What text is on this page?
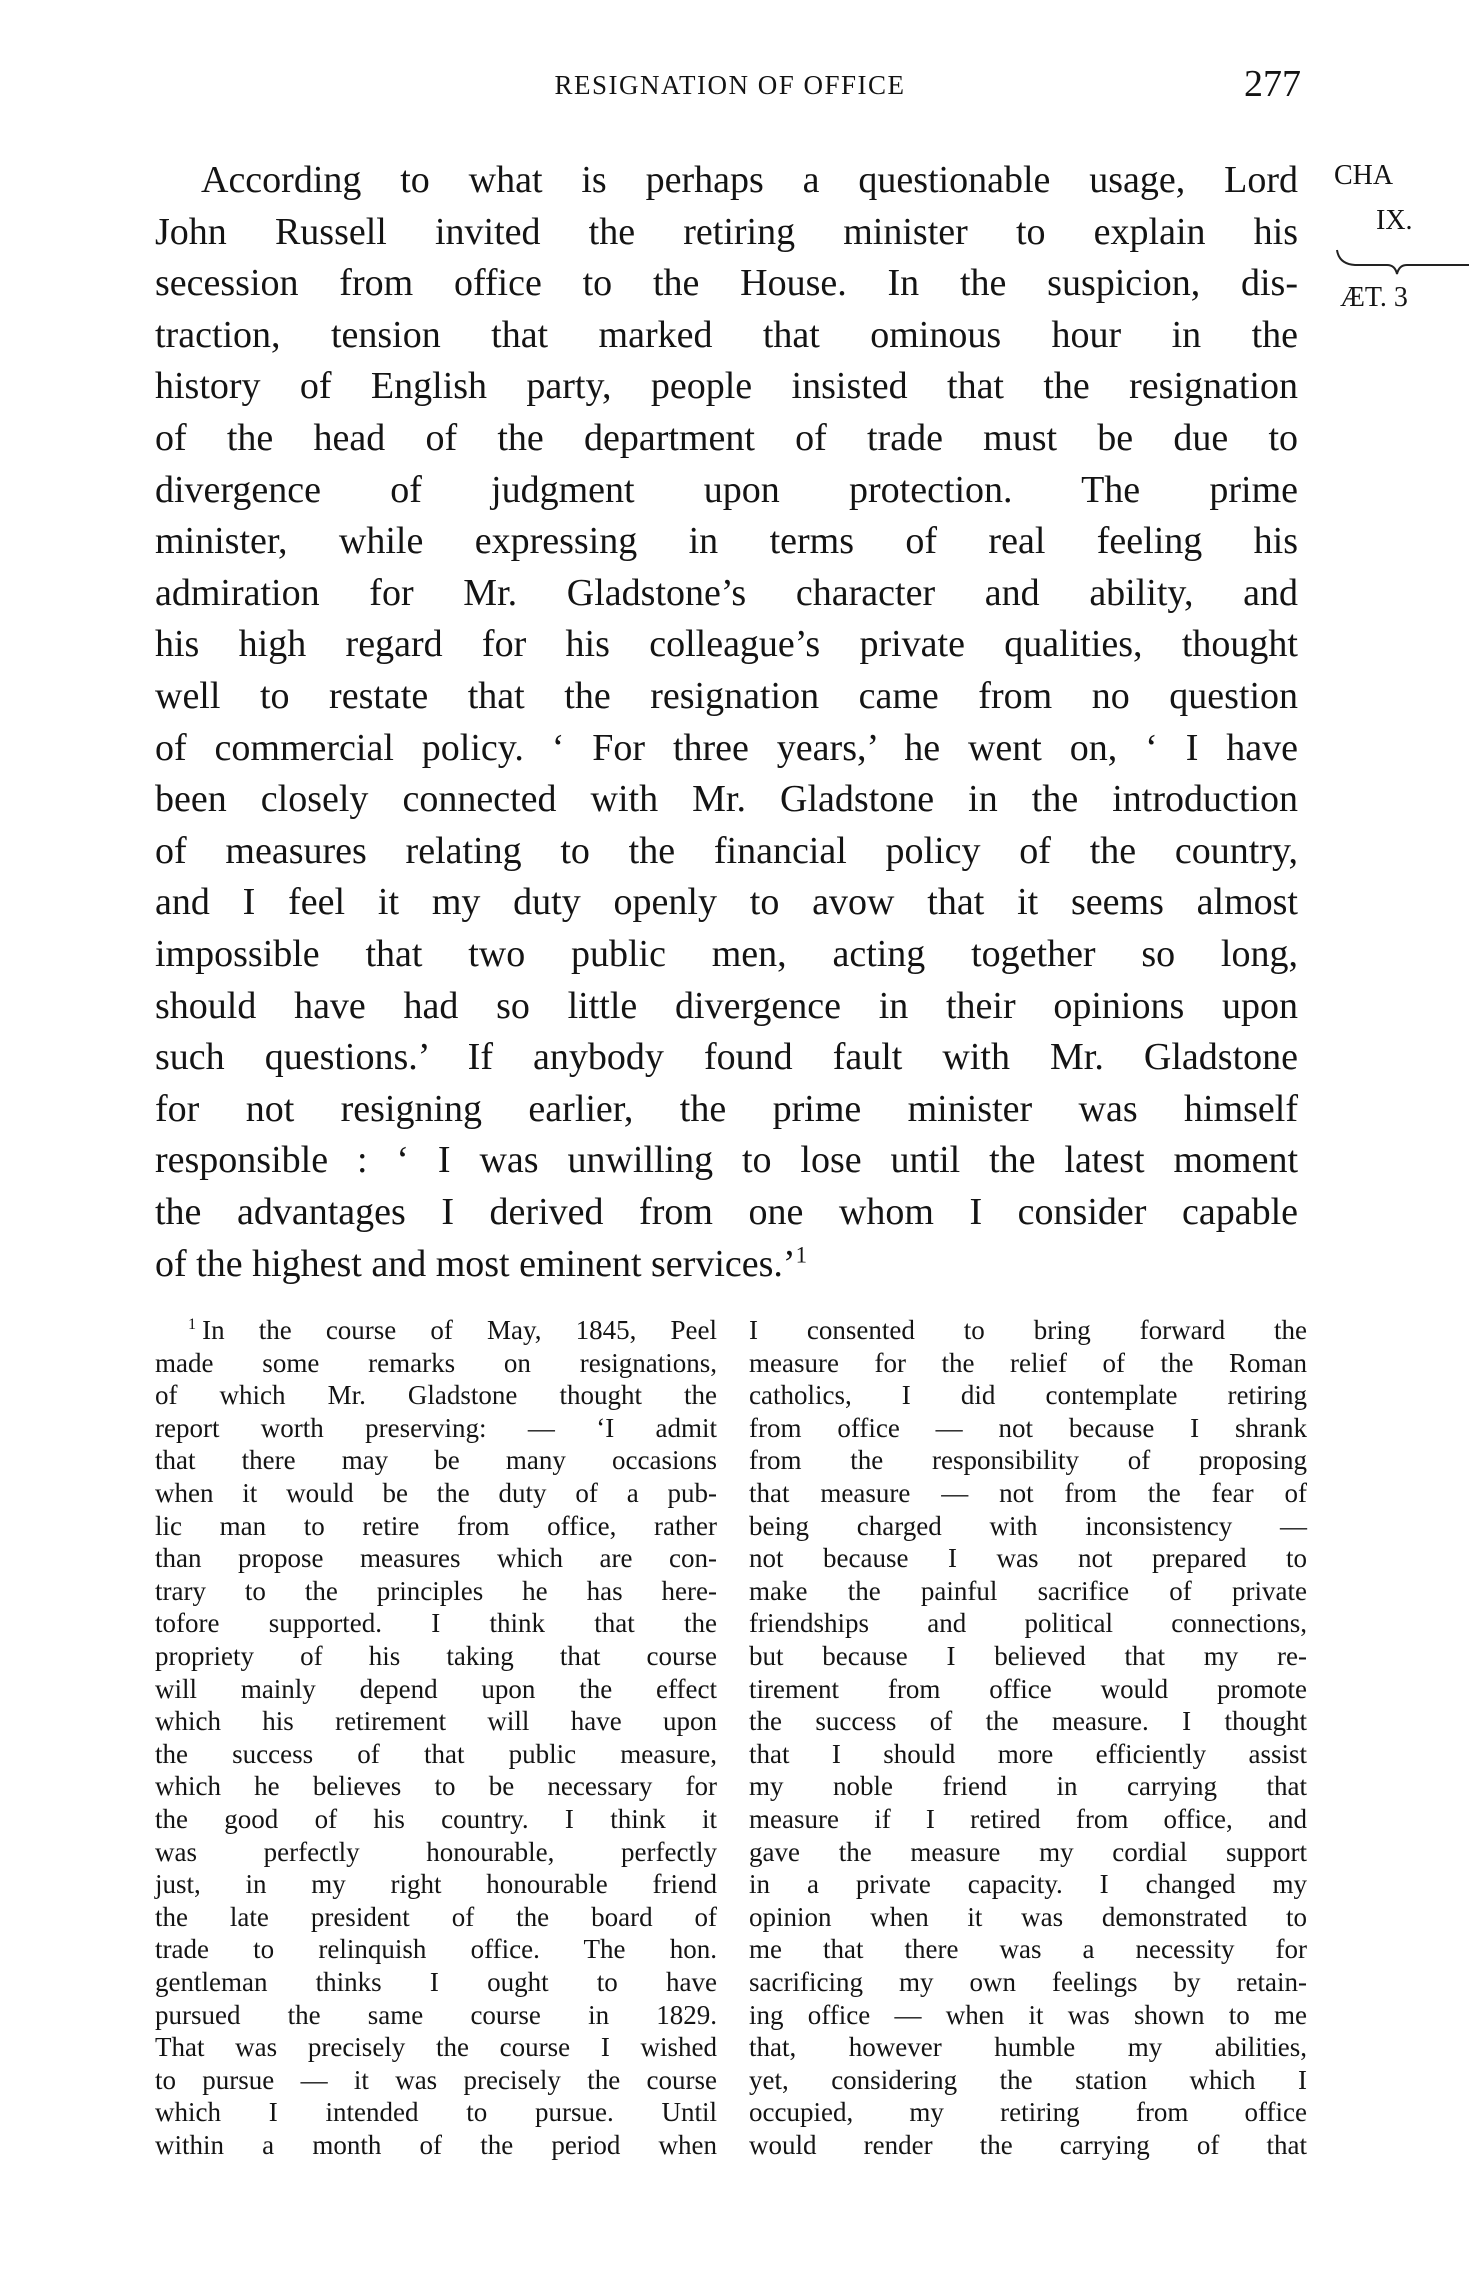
RESIGNATION OF OFFICE	277
CHA
IX.
ÆT. 3
According to what is perhaps a questionable usage, Lord
John Russell invited the retiring minister to explain his
secession from office to the House. In the suspicion, dis-
traction, tension that marked that ominous hour in the
history of English party, people insisted that the resignation
of the head of the department of trade must be due to
divergence of judgment upon protection. The prime
minister, while expressing in terms of real feeling his
admiration for Mr. Gladstone’s character and ability, and
his high regard for his colleague’s private qualities, thought
well to restate that the resignation came from no question
of commercial policy. ‘ For three years,’ he went on, ‘ I have
been closely connected with Mr. Gladstone in the introduction
of measures relating to the financial policy of the country,
and I feel it my duty openly to avow that it seems almost
impossible that two public men, acting together so long,
should have had so little divergence in their opinions upon
such questions.’ If anybody found fault with Mr. Gladstone
for not resigning earlier, the prime minister was himself
responsible : ‘ I was unwilling to lose until the latest moment
the advantages I derived from one whom I consider capable
of the highest and most eminent services.’$^1$
$^1$ In the course of May, 1845, Peel
made some remarks on resignations,
of which Mr. Gladstone thought the
report worth preserving: — ‘I admit
that there may be many occasions
when it would be the duty of a pub-
lic man to retire from office, rather
than propose measures which are con-
trary to the principles he has here-
tofore supported. I think that the
propriety of his taking that course
will mainly depend upon the effect
which his retirement will have upon
the success of that public measure,
which he believes to be necessary for
the good of his country. I think it
was perfectly honourable, perfectly
just, in my right honourable friend
the late president of the board of
trade to relinquish office. The hon.
gentleman thinks I ought to have
pursued the same course in 1829.
That was precisely the course I wished
to pursue — it was precisely the course
which I intended to pursue. Until
within a month of the period when
I consented to bring forward the
measure for the relief of the Roman
catholics, I did contemplate retiring
from office — not because I shrank
from the responsibility of proposing
that measure — not from the fear of
being charged with inconsistency —
not because I was not prepared to
make the painful sacrifice of private
friendships and political connections,
but because I believed that my re-
tirement from office would promote
the success of the measure. I thought
that I should more efficiently assist
my noble friend in carrying that
measure if I retired from office, and
gave the measure my cordial support
in a private capacity. I changed my
opinion when it was demonstrated to
me that there was a necessity for
sacrificing my own feelings by retain-
ing office — when it was shown to me
that, however humble my abilities,
yet, considering the station which I
occupied, my retiring from office
would render the carrying of that
